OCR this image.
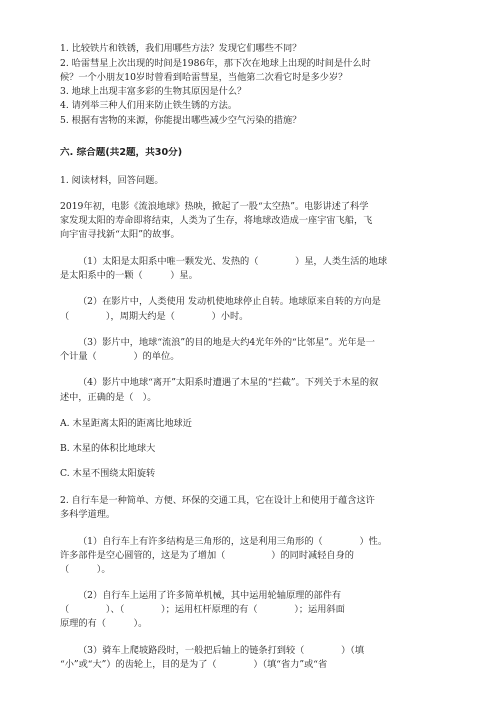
1. 比较铁片和铁锈，我们用哪些方法？发现它们哪些不同？
2. 哈雷彗星上次出现的时间是1986年，那下次在地球上出现的时间是什么时
候？一个小朋友10岁时曾看到哈雷彗星，当他第二次看它时是多少岁？
3. 地球上出现丰富多彩的生物其原因是什么？
4. 请列举三种人们用来防止铁生锈的方法。
5. 根据有害物的来源，你能提出哪些减少空气污染的措施？
六. 综合题(共2题，共30分)
1. 阅读材料，回答问题。
2019年初，电影《流浪地球》热映，掀起了一股“太空热”。电影讲述了科学
家发现太阳的寿命即将结束，人类为了生存，将地球改造成一座宇宙飞船，飞
向宇宙寻找新“太阳”的故事。
（1）太阳是太阳系中唯一颗发光、发热的（　　　　）星，人类生活的地球
是太阳系中的一颗（　　　）星。
（2）在影片中，人类使用 发动机使地球停止自转。地球原来自转的方向是
（　　　　），周期大约是（　　　　）小时。
（3）影片中，地球“流浪”的目的地是大约4光年外的“比邻星”。光年是一
个计量（　　　　）的单位。
（4）影片中地球“离开”太阳系时遭遇了木星的“拦截”。下列关于木星的叙
述中，正确的是（　）。
A. 木星距离太阳的距离比地球近
B. 木星的体积比地球大
C. 木星不围绕太阳旋转
2. 自行车是一种简单、方便、环保的交通工具，它在设计上和使用于蕴含这许
多科学道理。
（1）自行车上有许多结构是三角形的，这是利用三角形的（　　　　）性。
许多部件是空心圆管的，这是为了增加（　　　　　）的同时减轻自身的
（　　　）。
（2）自行车上运用了许多简单机械，其中运用轮轴原理的部件有
（　　　　）、（　　　　）；运用杠杆原理的有（　　　　）；运用斜面
原理的有（　　　）。
（3）骑车上爬坡路段时，一般把后轴上的链条打到较（　　　　）（填
“小”或“大”）的齿轮上，目的是为了（　　　　）（填“省力”或“省
